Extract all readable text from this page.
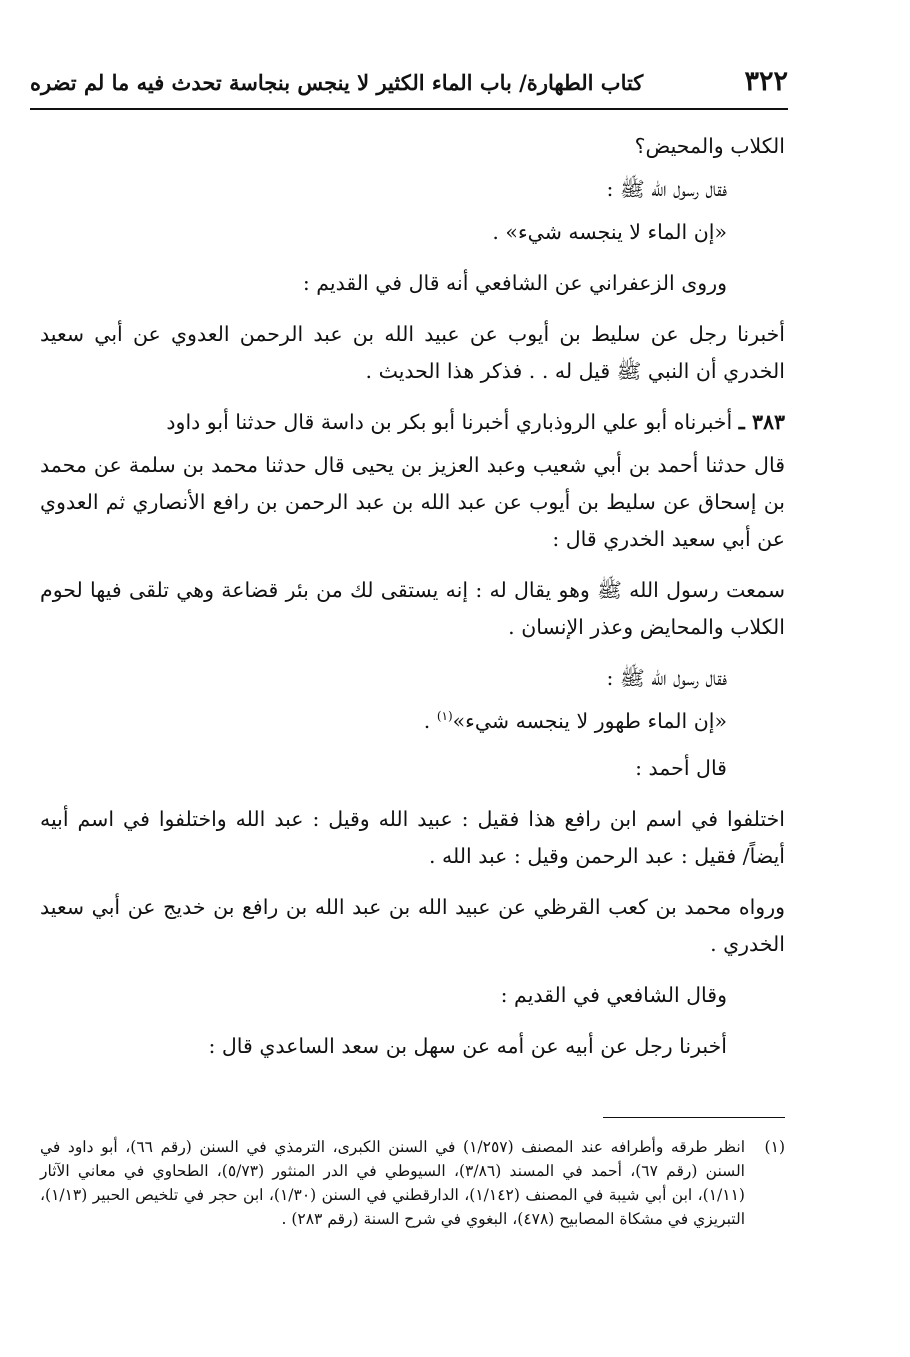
٣٢٢
كتاب الطهارة/ باب الماء الكثير لا ينجس بنجاسة تحدث فيه ما لم تضره

الكلاب والمحيض؟

فقال رسول الله ﷺ :

«إن الماء لا ينجسه شيء» .

وروى الزعفراني عن الشافعي أنه قال في القديم :

أخبرنا رجل عن سليط بن أيوب عن عبيد الله بن عبد الرحمن العدوي عن أبي سعيد الخدري أن النبي ﷺ قيل له . . فذكر هذا الحديث .

٣٨٣ ـ أخبرناه أبو علي الروذباري أخبرنا أبو بكر بن داسة قال حدثنا أبو داود

قال حدثنا أحمد بن أبي شعيب وعبد العزيز بن يحيى قال حدثنا محمد بن سلمة عن محمد بن إسحاق عن سليط بن أيوب عن عبد الله بن عبد الرحمن بن رافع الأنصاري ثم العدوي عن أبي سعيد الخدري قال :

سمعت رسول الله ﷺ وهو يقال له : إنه يستقى لك من بئر قضاعة وهي تلقى فيها لحوم الكلاب والمحايض وعذر الإنسان .

فقال رسول الله ﷺ :

«إن الماء طهور لا ينجسه شيء»$^{(١)}$ .

قال أحمد :

اختلفوا في اسم ابن رافع هذا فقيل : عبيد الله وقيل : عبد الله واختلفوا في اسم أبيه أيضاً/ فقيل : عبد الرحمن وقيل : عبد الله .

ورواه محمد بن كعب القرظي عن عبيد الله بن عبد الله بن رافع بن خديج عن أبي سعيد الخدري .

وقال الشافعي في القديم :

أخبرنا رجل عن أبيه عن أمه عن سهل بن سعد الساعدي قال :

(١)
انظر طرقه وأطرافه عند المصنف (١/٢٥٧) في السنن الكبرى، الترمذي في السنن (رقم ٦٦)، أبو داود في السنن (رقم ٦٧)، أحمد في المسند (٣/٨٦)، السيوطي في الدر المنثور (٥/٧٣)، الطحاوي في معاني الآثار (١/١١)، ابن أبي شيبة في المصنف (١/١٤٢)، الدارقطني في السنن (١/٣٠)، ابن حجر في تلخيص الحبير (١/١٣)، التبريزي في مشكاة المصابيح (٤٧٨)، البغوي في شرح السنة (رقم ٢٨٣) .
